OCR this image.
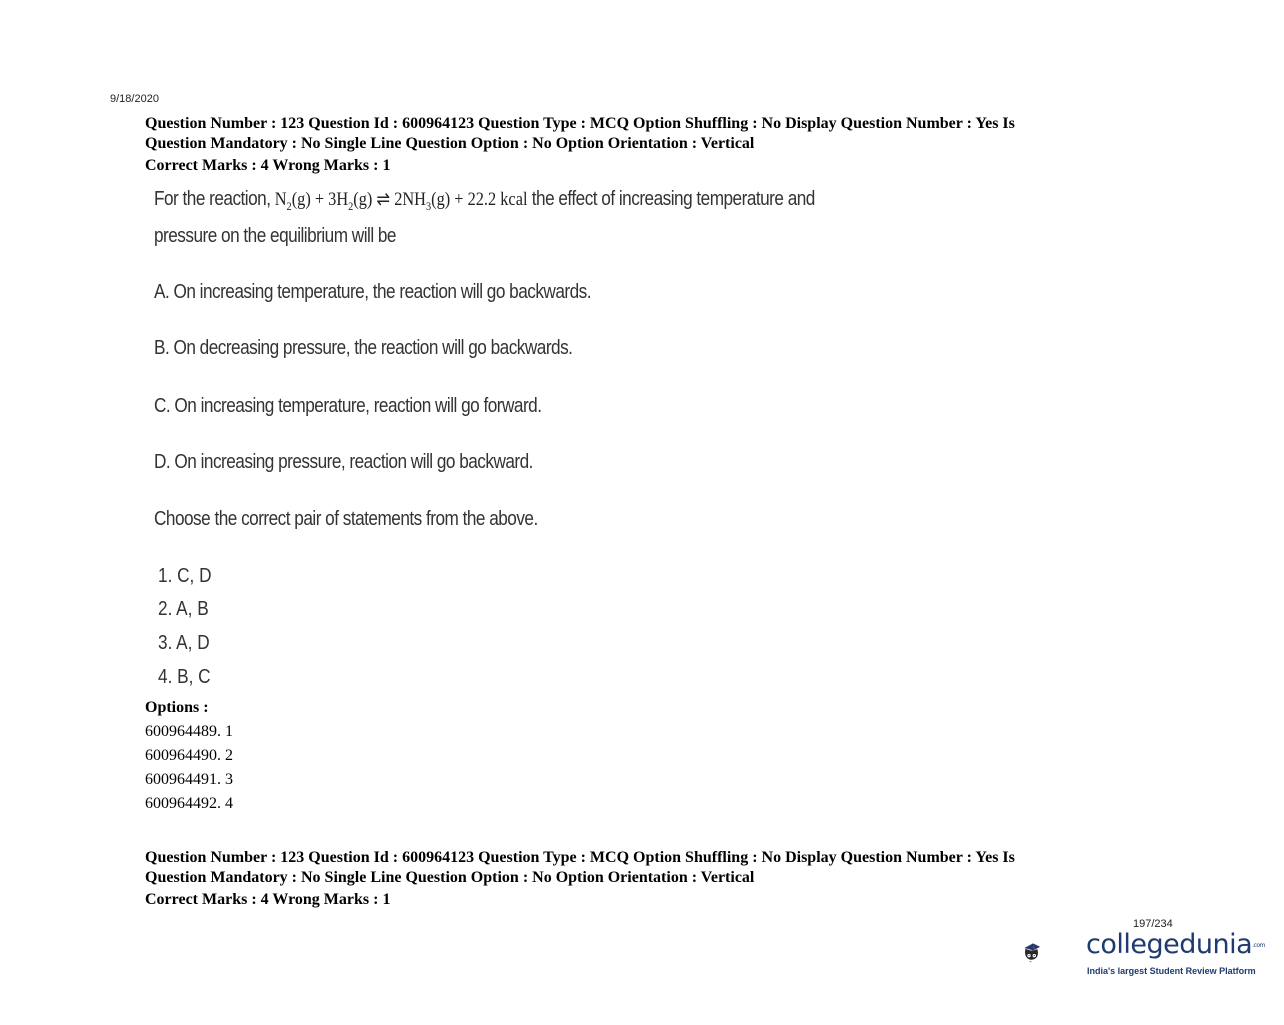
9/18/2020
Question Number : 123 Question Id : 600964123 Question Type : MCQ Option Shuffling : No Display Question Number : Yes Is
Question Mandatory : No Single Line Question Option : No Option Orientation : Vertical
Correct Marks : 4 Wrong Marks : 1
For the reaction, $N_2(g) + 3H_2(g)$ ⇌ $2NH_3(g) + 22.2$ kcal the effect of increasing temperature and
pressure on the equilibrium will be
A. On increasing temperature, the reaction will go backwards.
B. On decreasing pressure, the reaction will go backwards.
C. On increasing temperature, reaction will go forward.
D. On increasing pressure, reaction will go backward.
Choose the correct pair of statements from the above.
1. C, D
2. A, B
3. A, D
4. B, C
Options :
600964489. 1
600964490. 2
600964491. 3
600964492. 4
Question Number : 123 Question Id : 600964123 Question Type : MCQ Option Shuffling : No Display Question Number : Yes Is
Question Mandatory : No Single Line Question Option : No Option Orientation : Vertical
Correct Marks : 4 Wrong Marks : 1
197/234
collegedunia.com
India's largest Student Review Platform
